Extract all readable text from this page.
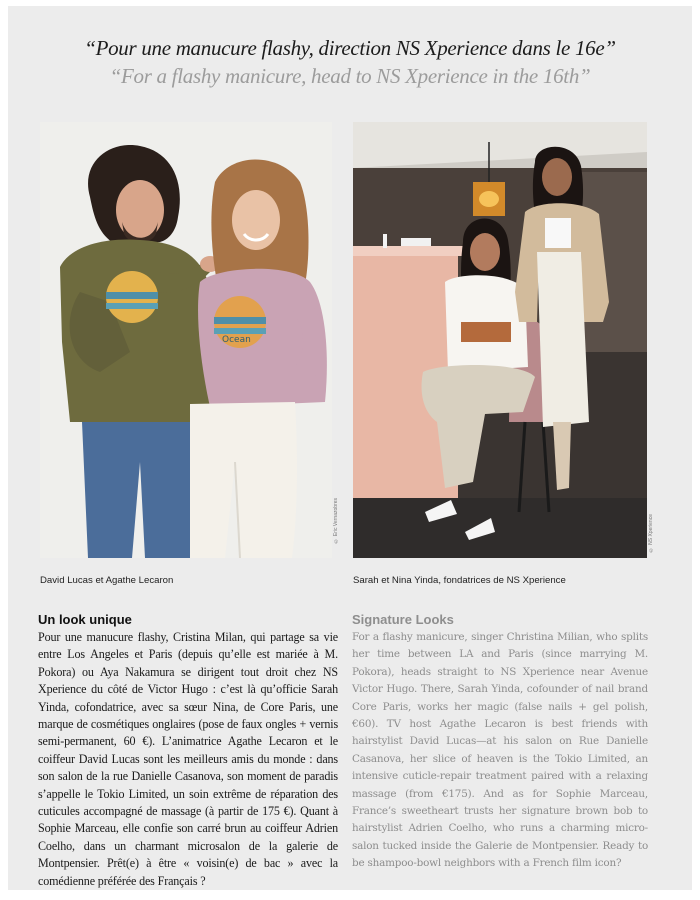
“Pour une manucure flashy, direction NS Xperience dans le 16e”
“For a flashy manicure, head to NS Xperience in the 16th”
Ocean
© Eric Vernazobres	© NS Xperience
David Lucas et Agathe Lecaron	Sarah et Nina Yinda, fondatrices de NS Xperience
Un look unique
Pour une manucure flashy, Cristina Milan, qui partage sa vie entre Los Angeles et Paris (depuis qu’elle est mariée à M. Pokora) ou Aya Nakamura se dirigent tout droit chez NS Xperience du côté de Victor Hugo : c’est là qu’officie Sarah Yinda, cofondatrice, avec sa sœur Nina, de Core Paris, une marque de cosmétiques onglaires (pose de faux ongles + vernis semi-permanent, 60 €). L’animatrice Agathe Lecaron et le coiffeur David Lucas sont les meilleurs amis du monde : dans son salon de la rue Danielle Casanova, son moment de paradis s’appelle le Tokio Limited, un soin extrême de réparation des cuticules accompagné de massage (à partir de 175 €). Quant à Sophie Marceau, elle confie son carré brun au coiffeur Adrien Coelho, dans un charmant microsalon de la galerie de Montpensier. Prêt(e) à être « voisin(e) de bac » avec la comédienne préférée des Français ?
Signature Looks
For a flashy manicure, singer Christina Milian, who splits her time between LA and Paris (since marrying M. Pokora), heads straight to NS Xperience near Avenue Victor Hugo. There, Sarah Yinda, cofounder of nail brand Core Paris, works her magic (false nails + gel polish, €60). TV host Agathe Lecaron is best friends with hairstylist David Lucas—at his salon on Rue Danielle Casanova, her slice of heaven is the Tokio Limited, an intensive cuticle-repair treatment paired with a relaxing massage (from €175). And as for Sophie Marceau, France’s sweetheart trusts her signature brown bob to hairstylist Adrien Coelho, who runs a charming micro-salon tucked inside the Galerie de Montpensier. Ready to be shampoo-bowl neighbors with a French film icon?
